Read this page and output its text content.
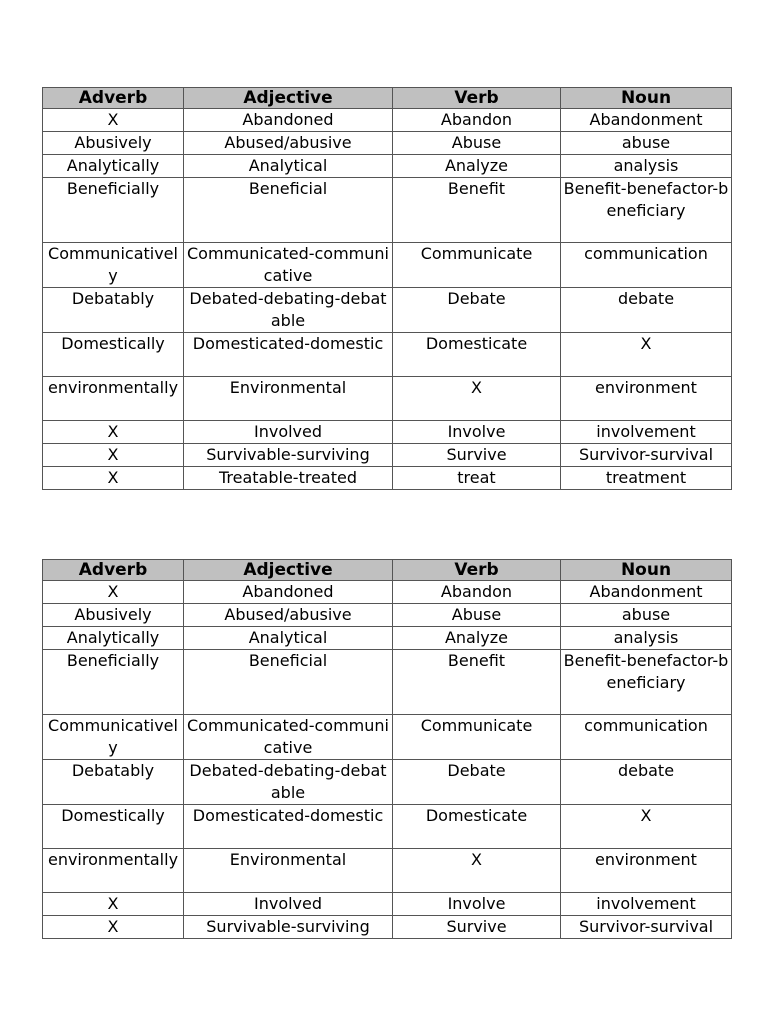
Adverb	Adjective	Verb	Noun
X	Abandoned	Abandon	Abandonment
Abusively	Abused/abusive	Abuse	abuse
Analytically	Analytical	Analyze	analysis
Beneficially	Beneficial	Benefit	Benefit-benefactor-beneficiary
Communicatively	Communicated-communicative	Communicate	communication
Debatably	Debated-debating-debatable	Debate	debate
Domestically	Domesticated-domestic	Domesticate	X
environmentally	Environmental	X	environment
X	Involved	Involve	involvement
X	Survivable-surviving	Survive	Survivor-survival
X	Treatable-treated	treat	treatment
Adverb	Adjective	Verb	Noun
X	Abandoned	Abandon	Abandonment
Abusively	Abused/abusive	Abuse	abuse
Analytically	Analytical	Analyze	analysis
Beneficially	Beneficial	Benefit	Benefit-benefactor-beneficiary
Communicatively	Communicated-communicative	Communicate	communication
Debatably	Debated-debating-debatable	Debate	debate
Domestically	Domesticated-domestic	Domesticate	X
environmentally	Environmental	X	environment
X	Involved	Involve	involvement
X	Survivable-surviving	Survive	Survivor-survival
